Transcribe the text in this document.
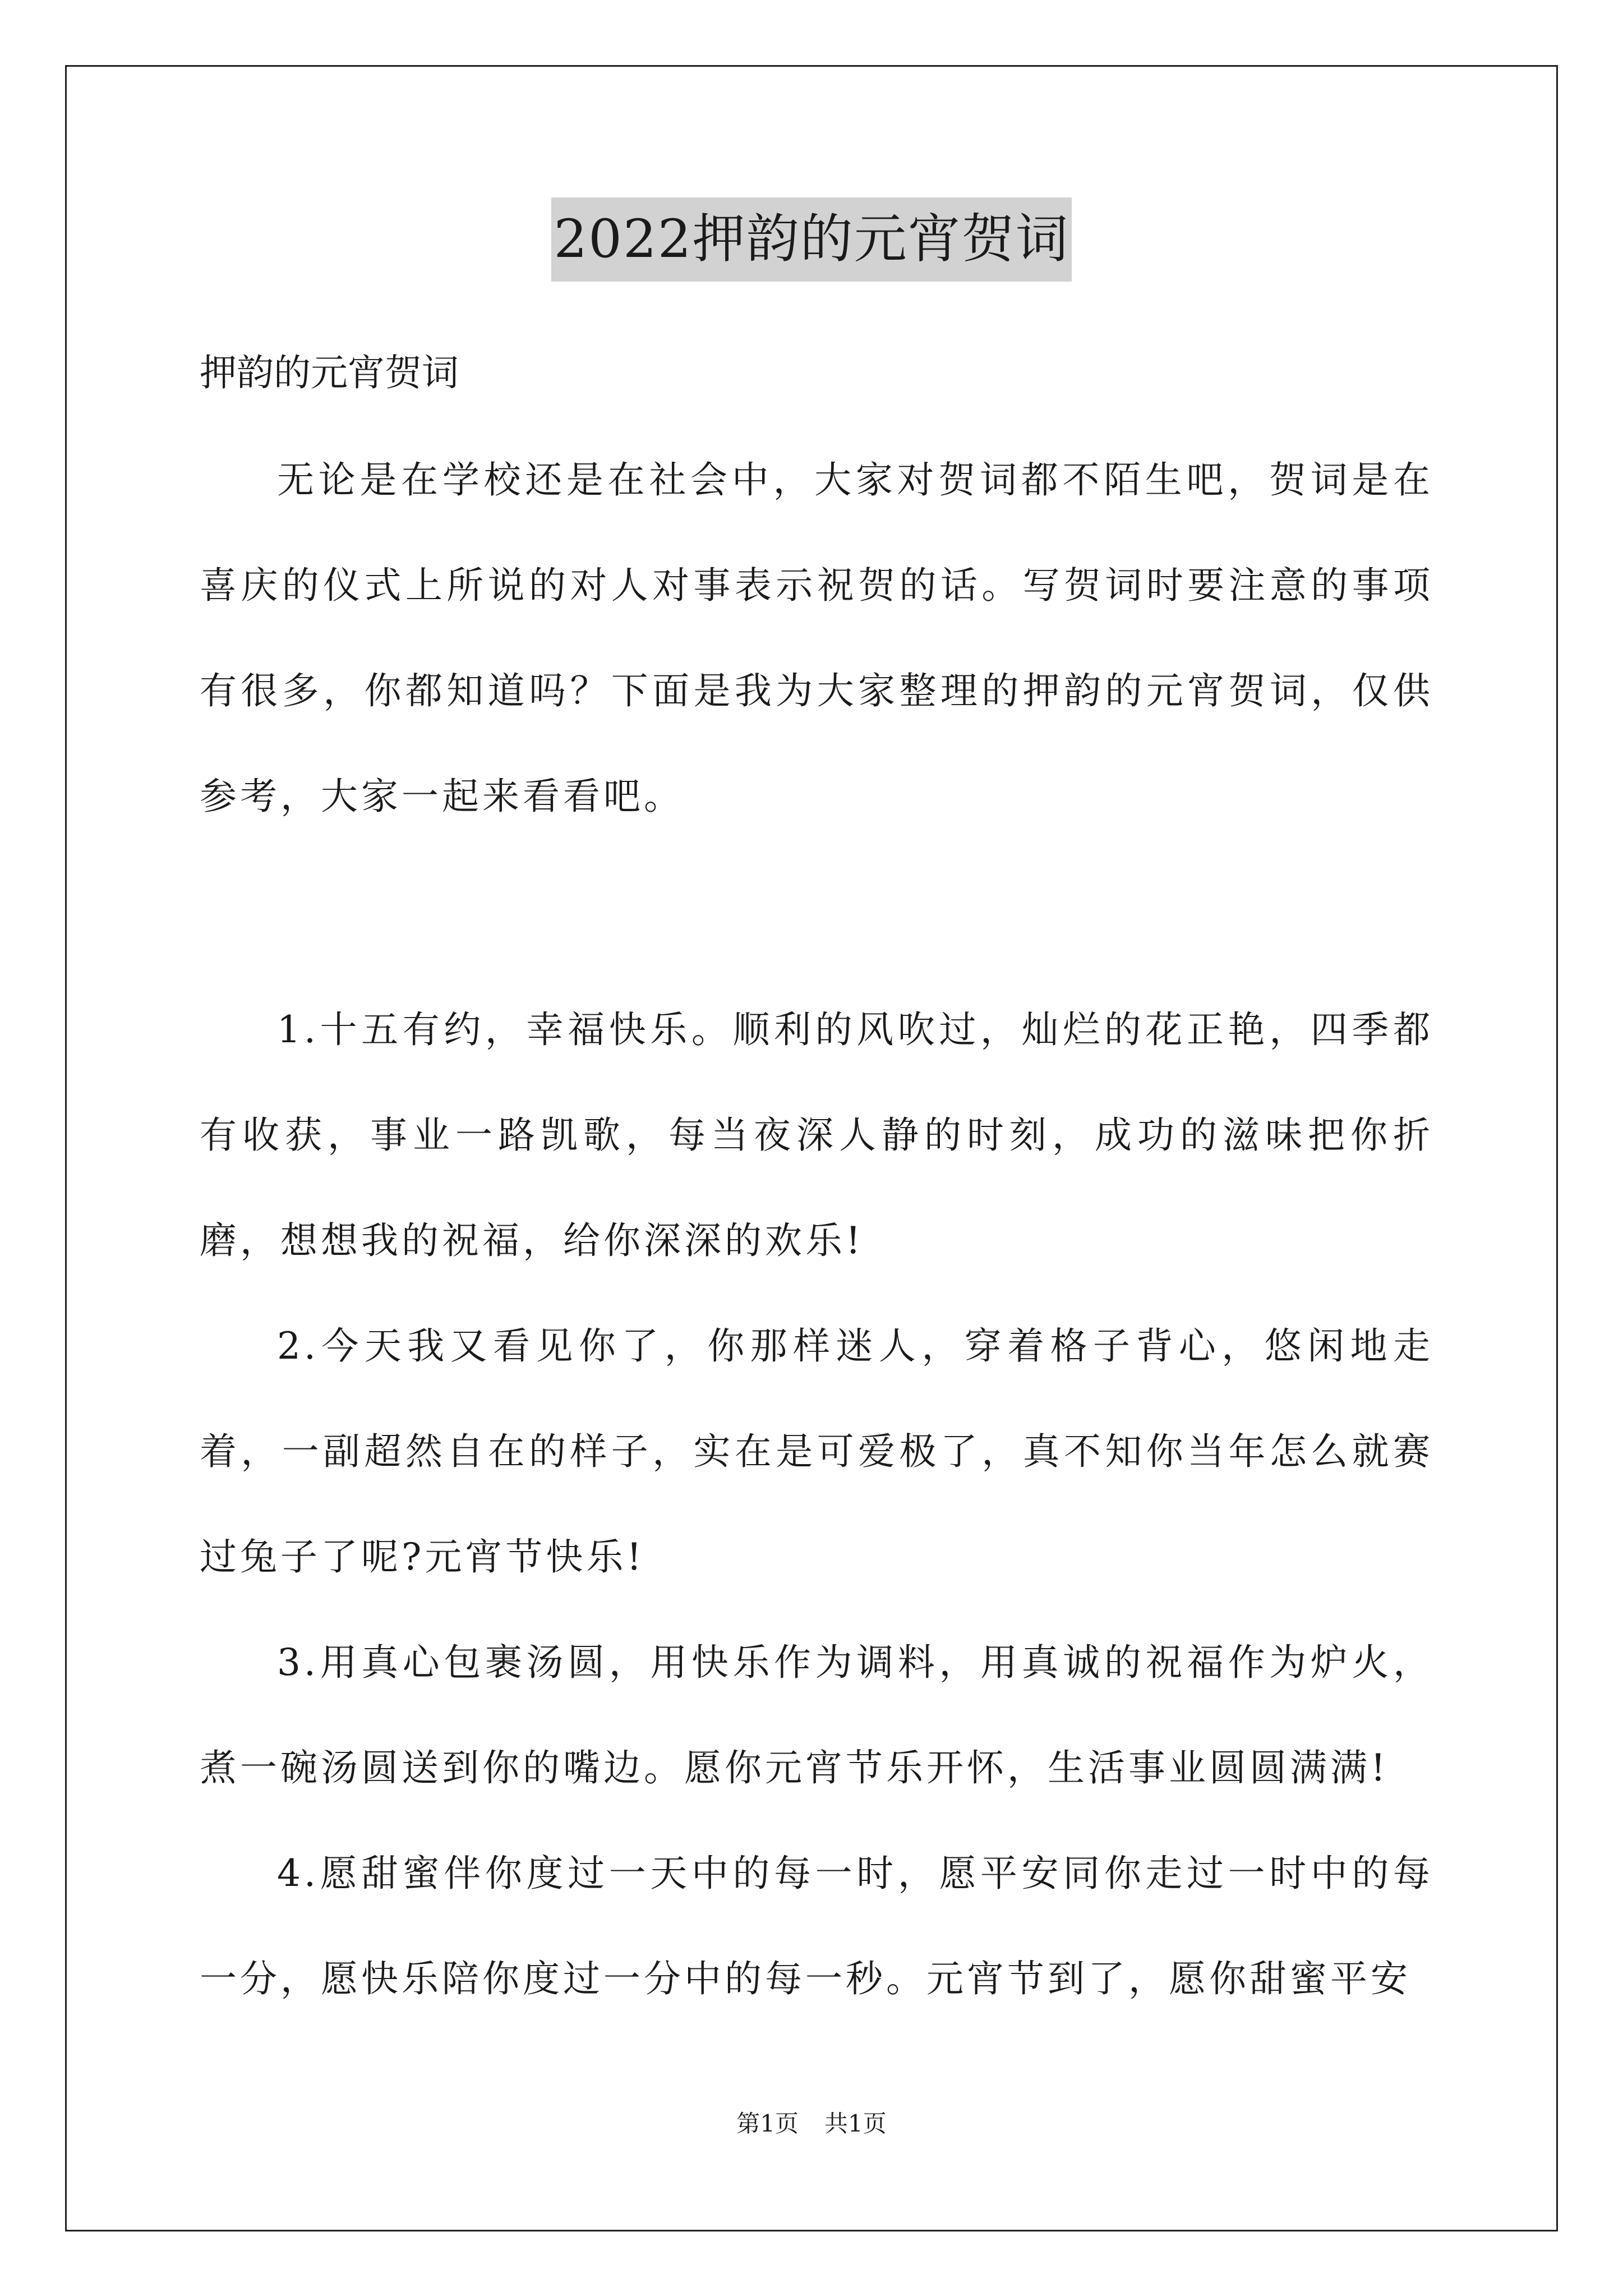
2022押韵的元宵贺词

押韵的元宵贺词

无论是在学校还是在社会中，大家对贺词都不陌生吧，贺词是在喜庆的仪式上所说的对人对事表示祝贺的话。写贺词时要注意的事项有很多，你都知道吗？下面是我为大家整理的押韵的元宵贺词，仅供参考，大家一起来看看吧。

1.十五有约，幸福快乐。顺利的风吹过，灿烂的花正艳，四季都有收获，事业一路凯歌，每当夜深人静的时刻，成功的滋味把你折磨，想想我的祝福，给你深深的欢乐!

2.今天我又看见你了，你那样迷人，穿着格子背心，悠闲地走着，一副超然自在的样子，实在是可爱极了，真不知你当年怎么就赛过兔子了呢?元宵节快乐!

3.用真心包裹汤圆，用快乐作为调料，用真诚的祝福作为炉火，煮一碗汤圆送到你的嘴边。愿你元宵节乐开怀，生活事业圆圆满满!

4.愿甜蜜伴你度过一天中的每一时，愿平安同你走过一时中的每一分，愿快乐陪你度过一分中的每一秒。元宵节到了，愿你甜蜜平安

第1页 共1页
